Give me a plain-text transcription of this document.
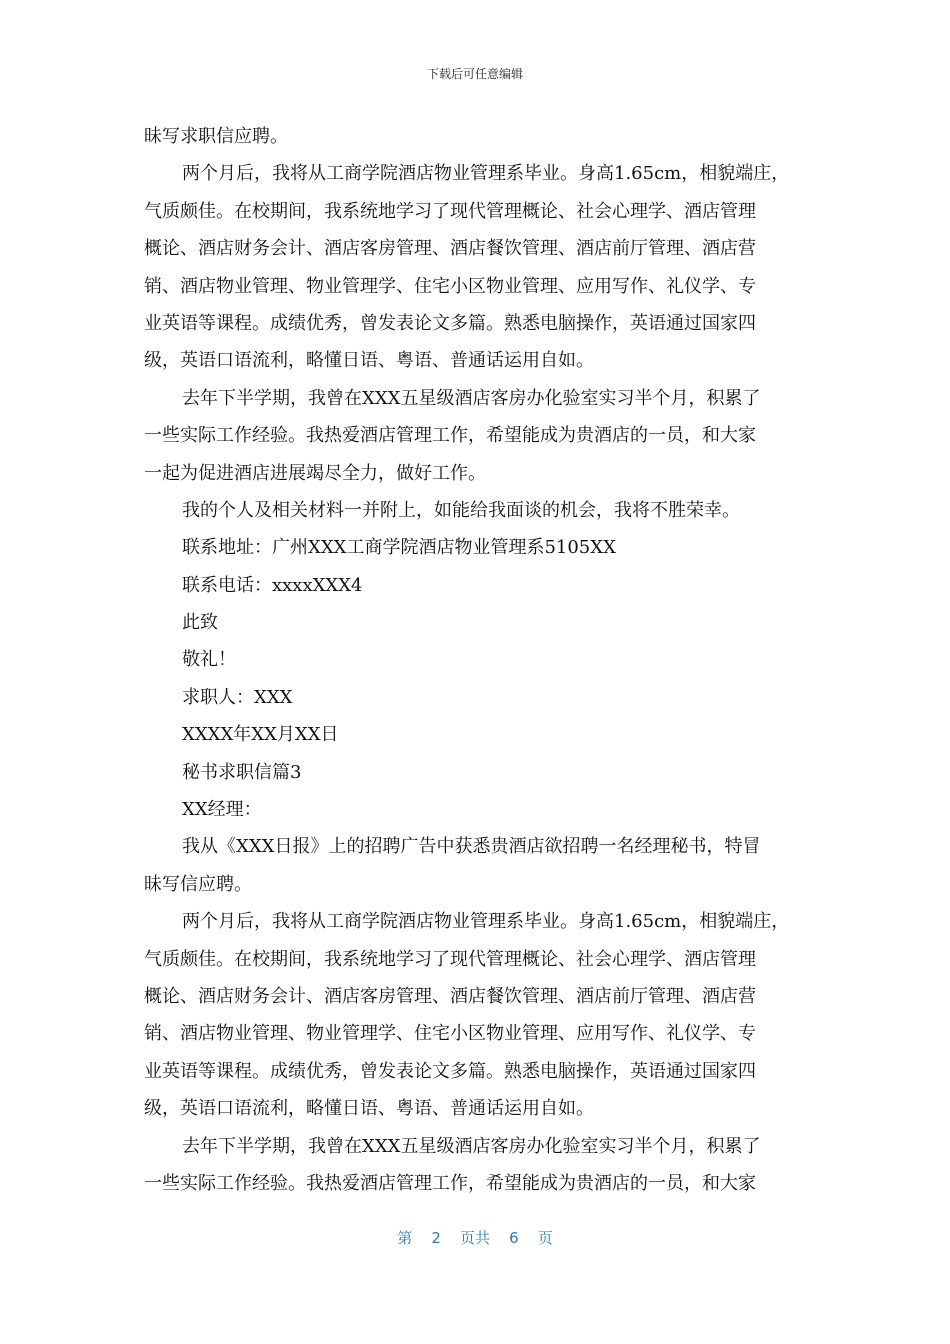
下载后可任意编辑
昧写求职信应聘。
两个月后，我将从工商学院酒店物业管理系毕业。身高1.65cm，相貌端庄，
气质颇佳。在校期间，我系统地学习了现代管理概论、社会心理学、酒店管理
概论、酒店财务会计、酒店客房管理、酒店餐饮管理、酒店前厅管理、酒店营
销、酒店物业管理、物业管理学、住宅小区物业管理、应用写作、礼仪学、专
业英语等课程。成绩优秀，曾发表论文多篇。熟悉电脑操作，英语通过国家四
级，英语口语流利，略懂日语、粤语、普通话运用自如。
去年下半学期，我曾在XXX五星级酒店客房办化验室实习半个月，积累了
一些实际工作经验。我热爱酒店管理工作，希望能成为贵酒店的一员，和大家
一起为促进酒店进展竭尽全力，做好工作。
我的个人及相关材料一并附上，如能给我面谈的机会，我将不胜荣幸。
联系地址：广州XXX工商学院酒店物业管理系5105XX
联系电话：xxxxXXX4
此致
敬礼！
求职人：XXX
XXXX年XX月XX日
秘书求职信篇3
XX经理：
我从《XXX日报》上的招聘广告中获悉贵酒店欲招聘一名经理秘书，特冒
昧写信应聘。
两个月后，我将从工商学院酒店物业管理系毕业。身高1.65cm，相貌端庄，
气质颇佳。在校期间，我系统地学习了现代管理概论、社会心理学、酒店管理
概论、酒店财务会计、酒店客房管理、酒店餐饮管理、酒店前厅管理、酒店营
销、酒店物业管理、物业管理学、住宅小区物业管理、应用写作、礼仪学、专
业英语等课程。成绩优秀，曾发表论文多篇。熟悉电脑操作，英语通过国家四
级，英语口语流利，略懂日语、粤语、普通话运用自如。
去年下半学期，我曾在XXX五星级酒店客房办化验室实习半个月，积累了
一些实际工作经验。我热爱酒店管理工作，希望能成为贵酒店的一员，和大家
第 2 页共 6 页
